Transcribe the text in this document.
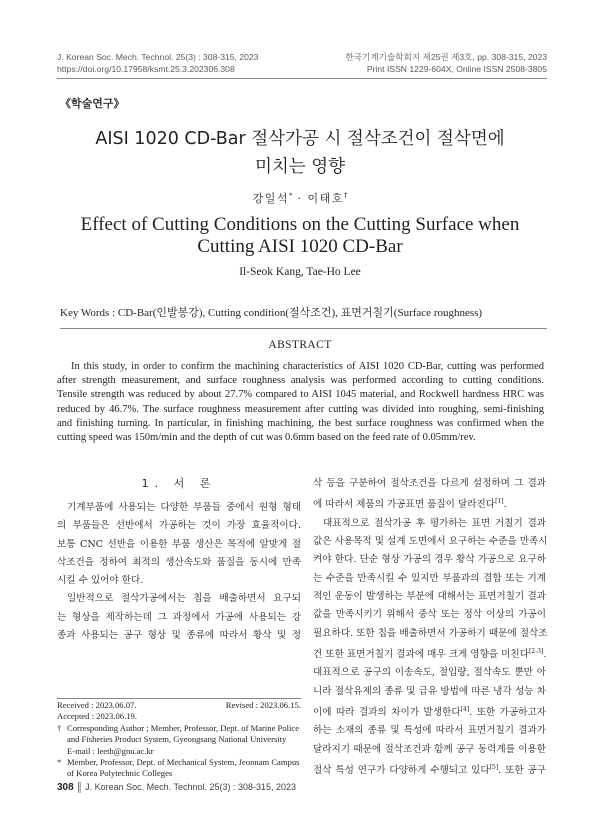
J. Korean Soc. Mech. Technol. 25(3) : 308-315, 2023
https://doi.org/10.17958/ksmt.25.3.202306.308
한국기계기술학회지 제25권 제3호, pp. 308-315, 2023
Print ISSN 1229-604X, Online ISSN 2508-3805
《학술연구》
AISI 1020 CD-Bar 절삭가공 시 절삭조건이 절삭면에
미치는 영향
강일석* · 이태호†
Effect of Cutting Conditions on the Cutting Surface when
Cutting AISI 1020 CD-Bar
Il-Seok Kang, Tae-Ho Lee
Key Words : CD-Bar(인발봉강), Cutting condition(절삭조건), 표면거칠기(Surface roughness)
ABSTRACT
In this study, in order to confirm the machining characteristics of AISI 1020 CD-Bar, cutting was performed
after strength measurement, and surface roughness analysis was performed according to cutting conditions.
Tensile strength was reduced by about 27.7% compared to AISI 1045 material, and Rockwell hardness HRC was
reduced by 46.7%. The surface roughness measurement after cutting was divided into roughing, semi-finishing
and finishing turning. In particular, in finishing machining, the best surface roughness was confirmed when the
cutting speed was 150m/min and the depth of cut was 0.6mm based on the feed rate of 0.05mm/rev.
1. 서 론
기계부품에 사용되는 다양한 부품들 중에서 원형 형태
의 부품들은 선반에서 가공하는 것이 가장 효율적이다.
보통 CNC 선반을 이용한 부품 생산은 목적에 알맞게 절
삭조건을 정하여 최적의 생산속도와 품질을 동시에 만족
시킬 수 있어야 한다.
일반적으로 절삭가공에서는 칩을 배출하면서 요구되
는 형상을 제작하는데 그 과정에서 가공에 사용되는 강
종과 사용되는 공구 형상 및 종류에 따라서 황삭 및 정
삭 등을 구분하여 절삭조건을 다르게 설정하며 그 결과
에 따라서 제품의 가공표면 품질이 달라진다[1].
대표적으로 절삭가공 후 평가하는 표면 거칠기 결과
값은 사용목적 및 설계 도면에서 요구하는 수준을 만족시
켜야 한다. 단순 형상 가공의 경우 황삭 가공으로 요구하
는 수준을 만족시킬 수 있지만 부품과의 결합 또는 기계
적인 운동이 발생하는 부분에 대해서는 표면거칠기 결과
값을 만족시키기 위해서 중삭 또는 정삭 이상의 가공이
필요하다. 또한 칩을 배출하면서 가공하기 때문에 절삭조
건 또한 표면거칠기 결과에 매우 크게 영향을 미친다[2-3].
대표적으로 공구의 이송속도, 절입량, 절삭속도 뿐만 아
니라 절삭유제의 종류 및 급유 방법에 따른 냉각 성능 차
이에 따라 결과의 차이가 발생한다[4]. 또한 가공하고자
하는 소재의 종류 및 특성에 따라서 표면거칠기 결과가
달라지기 때문에 절삭조건과 함께 공구 동력계를 이용한
절삭 특성 연구가 다양하게 수행되고 있다[5]. 또한 공구
Received : 2023.06.07.	Revised : 2023.06.15.
Accepted : 2023.06.19.
† Corresponding Author ; Member, Professor, Dept. of Marine Police and Fisheries Product System, Gyeongsang National University
E-mail : leeth@gnu.ac.kr
* Member, Professor, Dept. of Mechanical System, Jeonnam Campus of Korea Polytechnic Colleges
308 ║ J. Korean Soc. Mech. Technol. 25(3) : 308-315, 2023
